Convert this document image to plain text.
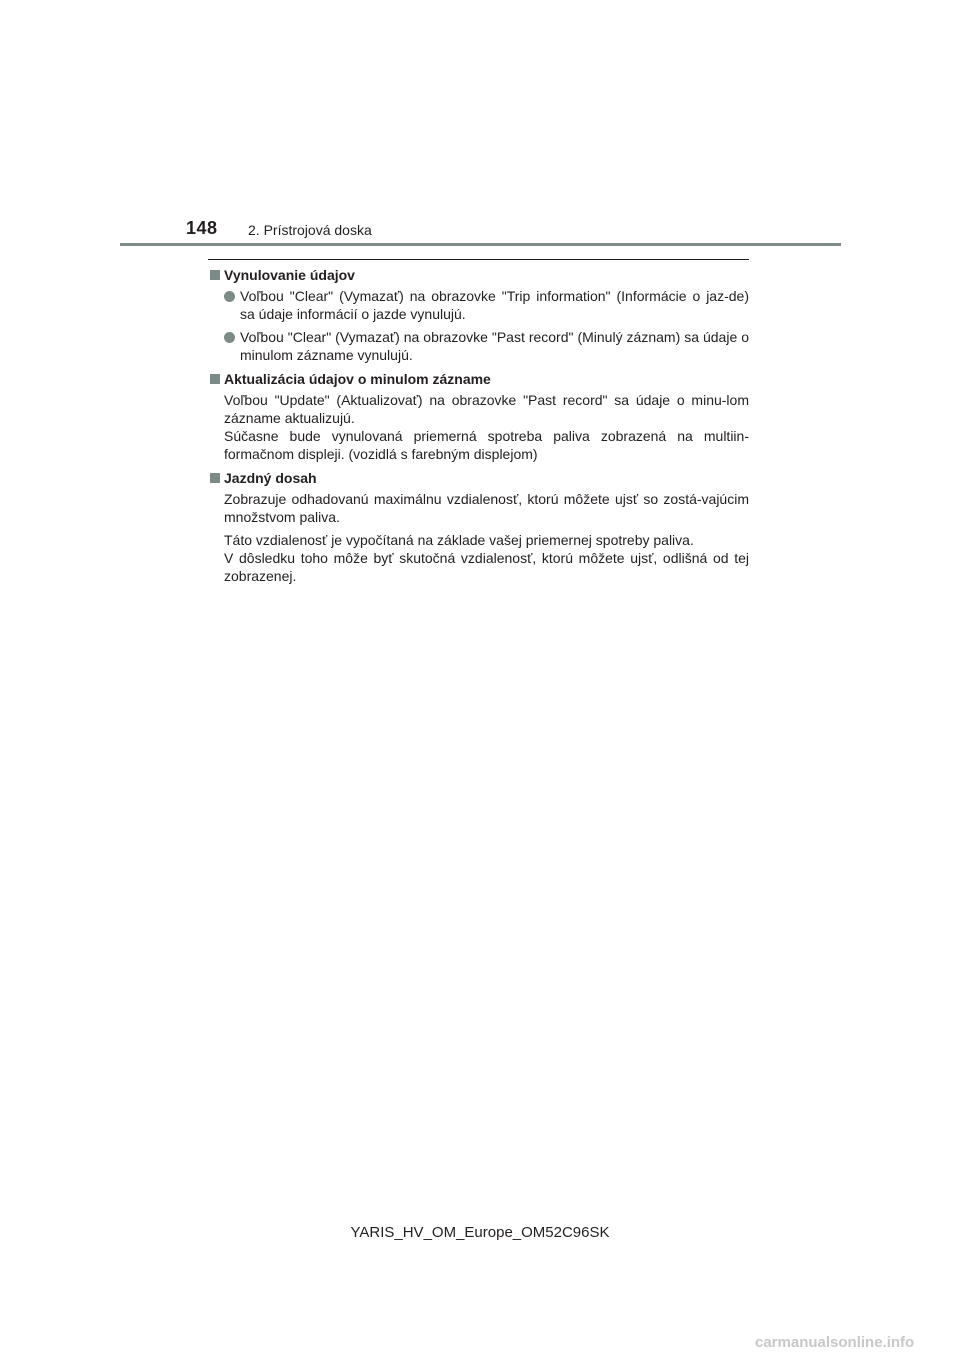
148 2. Prístrojová doska
Vynulovanie údajov
Voľbou "Clear" (Vymazať) na obrazovke "Trip information" (Informácie o jaz-de) sa údaje informácií o jazde vynulujú.
Voľbou "Clear" (Vymazať) na obrazovke "Past record" (Minulý záznam) sa údaje o minulom zázname vynulujú.
Aktualizácia údajov o minulom zázname
Voľbou "Update" (Aktualizovať) na obrazovke "Past record" sa údaje o minu-lom zázname aktualizujú.
Súčasne bude vynulovaná priemerná spotreba paliva zobrazená na multiin-formačnom displeji. (vozidlá s farebným displejom)
Jazdný dosah
Zobrazuje odhadovanú maximálnu vzdialenosť, ktorú môžete ujsť so zostá-vajúcim množstvom paliva.
Táto vzdialenosť je vypočítaná na základe vašej priemernej spotreby paliva.
V dôsledku toho môže byť skutočná vzdialenosť, ktorú môžete ujsť, odlišná od tej zobrazenej.
YARIS_HV_OM_Europe_OM52C96SK
carmanualsonline.info
